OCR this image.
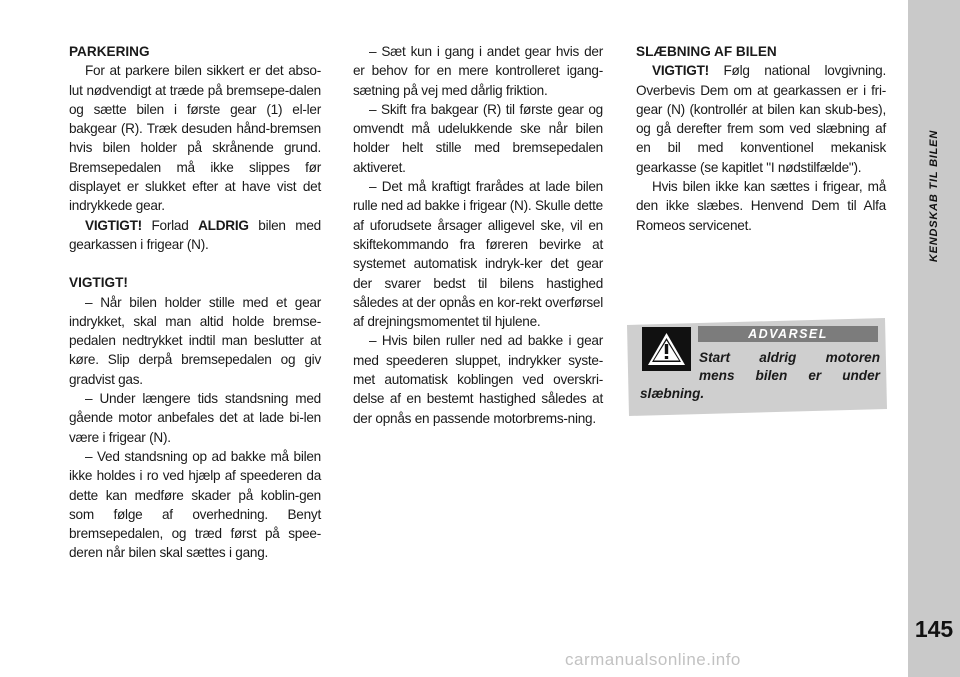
PARKERING

For at parkere bilen sikkert er det abso-lut nødvendigt at træde på bremsepe-dalen og sætte bilen i første gear (1) el-ler bakgear (R). Træk desuden hånd-bremsen hvis bilen holder på skrånende grund. Bremsepedalen må ikke slippes før displayet er slukket efter at have vist det indrykkede gear.

VIGTIGT! Forlad ALDRIG bilen med gearkassen i frigear (N).

VIGTIGT!

– Når bilen holder stille med et gear indrykket, skal man altid holde bremse-pedalen nedtrykket indtil man beslutter at køre. Slip derpå bremsepedalen og giv gradvist gas.

– Under længere tids standsning med gående motor anbefales det at lade bi-len være i frigear (N).

– Ved standsning op ad bakke må bilen ikke holdes i ro ved hjælp af speederen da dette kan medføre skader på koblin-gen som følge af overhedning. Benyt bremsepedalen, og træd først på spee-deren når bilen skal sættes i gang.

– Sæt kun i gang i andet gear hvis der er behov for en mere kontrolleret igang-sætning på vej med dårlig friktion.

– Skift fra bakgear (R) til første gear og omvendt må udelukkende ske når bilen holder helt stille med bremsepedalen aktiveret.

– Det må kraftigt frarådes at lade bilen rulle ned ad bakke i frigear (N). Skulle dette af uforudsete årsager alligevel ske, vil en skiftekommando fra føreren bevirke at systemet automatisk indryk-ker det gear der svarer bedst til bilens hastighed således at der opnås en kor-rekt overførsel af drejningsmomentet til hjulene.

– Hvis bilen ruller ned ad bakke i gear med speederen sluppet, indrykker syste-met automatisk koblingen ved overskri-delse af en bestemt hastighed således at der opnås en passende motorbrems-ning.

SLÆBNING AF BILEN

VIGTIGT! Følg national lovgivning. Overbevis Dem om at gearkassen er i fri-gear (N) (kontrollér at bilen kan skub-bes), og gå derefter frem som ved slæbning af en bil med konventionel mekanisk gearkasse (se kapitlet "I nødstilfælde").

Hvis bilen ikke kan sættes i frigear, må den ikke slæbes. Henvend Dem til Alfa Romeos servicenet.

ADVARSEL
Start aldrig motoren
mens bilen er under
slæbning.
KENDSKAB TIL BILEN
145
carmanualsonline.info
